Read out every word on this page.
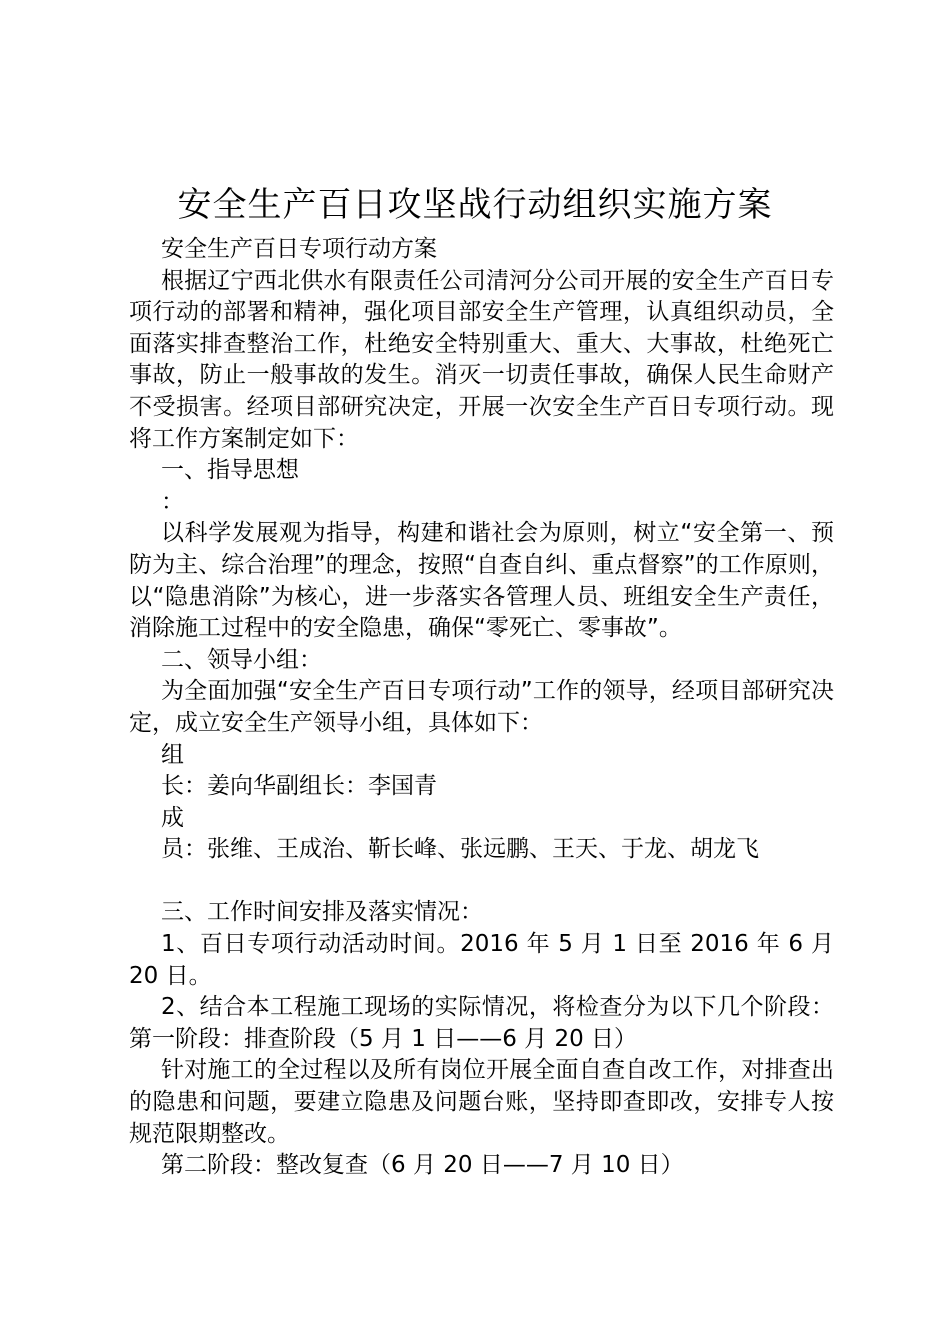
安全生产百日攻坚战行动组织实施方案

安全生产百日专项行动方案

根据辽宁西北供水有限责任公司清河分公司开展的安全生产百日专项行动的部署和精神，强化项目部安全生产管理，认真组织动员，全面落实排查整治工作，杜绝安全特别重大、重大、大事故，杜绝死亡事故，防止一般事故的发生。消灭一切责任事故，确保人民生命财产不受损害。经项目部研究决定，开展一次安全生产百日专项行动。现将工作方案制定如下：

一、指导思想

：

以科学发展观为指导，构建和谐社会为原则，树立“安全第一、预防为主、综合治理”的理念，按照“自查自纠、重点督察”的工作原则，以“隐患消除”为核心，进一步落实各管理人员、班组安全生产责任，消除施工过程中的安全隐患，确保“零死亡、零事故”。

二、领导小组：

为全面加强“安全生产百日专项行动”工作的领导，经项目部研究决定，成立安全生产领导小组，具体如下：

组

长：姜向华副组长：李国青

成

员：张维、王成治、靳长峰、张远鹏、王天、于龙、胡龙飞

三、工作时间安排及落实情况：

1、百日专项行动活动时间。2016 年 5 月 1 日至 2016 年 6 月 20 日。

2、结合本工程施工现场的实际情况，将检查分为以下几个阶段：第一阶段：排查阶段（5 月 1 日——6 月 20 日）

针对施工的全过程以及所有岗位开展全面自查自改工作，对排查出的隐患和问题，要建立隐患及问题台账，坚持即查即改，安排专人按规范限期整改。

第二阶段：整改复查（6 月 20 日——7 月 10 日）
